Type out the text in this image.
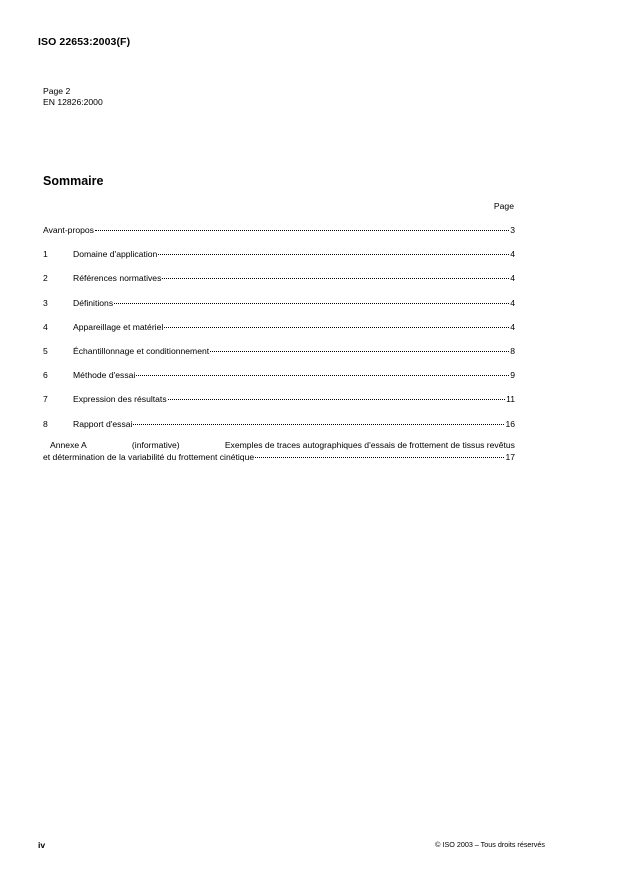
ISO 22653:2003(F)
Page 2
EN 12826:2000
Sommaire
Page
Avant-propos	3
1	Domaine d'application	4
2	Références normatives	4
3	Définitions	4
4	Appareillage et matériel	4
5	Échantillonnage et conditionnement	8
6	Méthode d'essai	9
7	Expression des résultats	11
8	Rapport d'essai	16
Annexe A	(informative)	Exemples de traces autographiques d'essais de frottement de tissus revêtus
et détermination de la variabilité du frottement cinétique	17
iv	© ISO 2003 – Tous droits réservés
